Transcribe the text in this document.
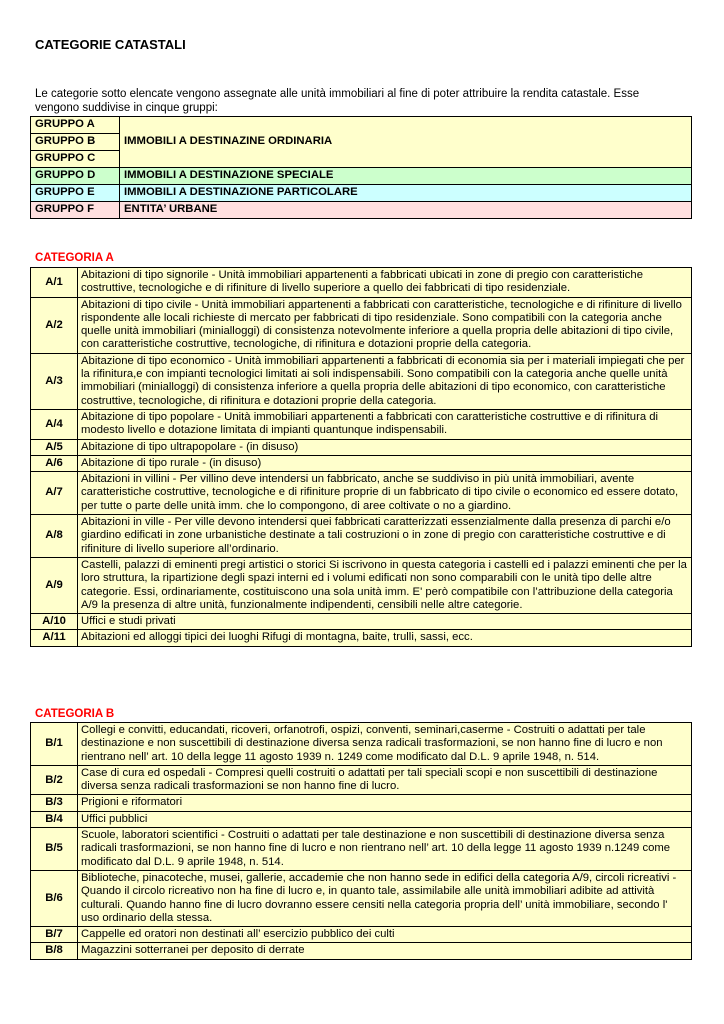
CATEGORIE CATASTALI
Le categorie sotto elencate vengono assegnate alle unità immobiliari al fine di poter attribuire la rendita catastale. Esse vengono suddivise in cinque gruppi:
GRUPPO A	IMMOBILI A DESTINAZINE ORDINARIA
GRUPPO B	
GRUPPO C	
GRUPPO D	IMMOBILI A DESTINAZIONE SPECIALE
GRUPPO E	IMMOBILI A DESTINAZIONE PARTICOLARE
GRUPPO F	ENTITA’ URBANE
CATEGORIA A
A/1	Abitazioni di tipo signorile - Unità immobiliari appartenenti a fabbricati ubicati in zone di pregio con caratteristiche costruttive, tecnologiche e di rifiniture di livello superiore a quello dei fabbricati di tipo residenziale.
A/2	Abitazioni di tipo civile - Unità immobiliari appartenenti a fabbricati con caratteristiche, tecnologiche e di rifiniture di livello rispondente alle locali richieste di mercato per fabbricati di tipo residenziale. Sono compatibili con la categoria anche quelle unità immobiliari (minialloggi) di consistenza notevolmente inferiore a quella propria delle abitazioni di tipo civile, con caratteristiche costruttive, tecnologiche, di rifinitura e dotazioni proprie della categoria.
A/3	Abitazione di tipo economico - Unità immobiliari appartenenti a fabbricati di economia sia per i materiali impiegati che per la rifinitura,e con impianti tecnologici limitati ai soli indispensabili. Sono compatibili con la categoria anche quelle unità immobiliari (minialloggi) di consistenza inferiore a quella propria delle abitazioni di tipo economico, con caratteristiche costruttive, tecnologiche, di rifinitura e dotazioni proprie della categoria.
A/4	Abitazione di tipo popolare - Unità immobiliari appartenenti a fabbricati con caratteristiche costruttive e di rifinitura di modesto livello e dotazione limitata di impianti quantunque indispensabili.
A/5	Abitazione di tipo ultrapopolare - (in disuso)
A/6	Abitazione di tipo rurale - (in disuso)
A/7	Abitazioni in villini - Per villino deve intendersi un fabbricato, anche se suddiviso in più unità immobiliari, avente caratteristiche costruttive, tecnologiche e di rifiniture proprie di un fabbricato di tipo civile o economico ed essere dotato, per tutte o parte delle unità imm. che lo compongono, di aree coltivate o no a giardino.
A/8	Abitazioni in ville - Per ville devono intendersi quei fabbricati caratterizzati essenzialmente dalla presenza di parchi e/o giardino edificati in zone urbanistiche destinate a tali costruzioni o in zone di pregio con caratteristiche costruttive e di rifiniture di livello superiore all’ordinario.
A/9	Castelli, palazzi di eminenti pregi artistici o storici Si iscrivono in questa categoria i castelli ed i palazzi eminenti che per la loro struttura, la ripartizione degli spazi interni ed i volumi edificati non sono comparabili con le unità tipo delle altre categorie. Essi, ordinariamente, costituiscono una sola unità imm. E' però compatibile con l’attribuzione della categoria A/9 la presenza di altre unità, funzionalmente indipendenti, censibili nelle altre categorie.
A/10	Uffici e studi privati
A/11	Abitazioni ed alloggi tipici dei luoghi Rifugi di montagna, baite, trulli, sassi, ecc.
CATEGORIA B
B/1	Collegi e convitti, educandati, ricoveri, orfanotrofi, ospizi, conventi, seminari,caserme - Costruiti o adattati per tale destinazione e non suscettibili di destinazione diversa senza radicali trasformazioni, se non hanno fine di lucro e non rientrano nell’ art. 10 della legge 11 agosto 1939 n. 1249 come modificato dal D.L. 9 aprile 1948, n. 514.
B/2	Case di cura ed ospedali - Compresi quelli costruiti o adattati per tali speciali scopi e non suscettibili di destinazione diversa senza radicali trasformazioni se non hanno fine di lucro.
B/3	Prigioni e riformatori
B/4	Uffici pubblici
B/5	Scuole, laboratori scientifici - Costruiti o adattati per tale destinazione e non suscettibili di destinazione diversa senza radicali trasformazioni, se non hanno fine di lucro e non rientrano nell’ art. 10 della legge 11 agosto 1939 n.1249 come modificato dal D.L. 9 aprile 1948, n. 514.
B/6	Biblioteche, pinacoteche, musei, gallerie, accademie che non hanno sede in edifici della categoria A/9, circoli ricreativi - Quando il circolo ricreativo non ha fine di lucro e, in quanto tale, assimilabile alle unità immobiliari adibite ad attività culturali. Quando hanno fine di lucro dovranno essere censiti nella categoria propria dell’ unità immobiliare, secondo l' uso ordinario della stessa.
B/7	Cappelle ed oratori non destinati all’ esercizio pubblico dei culti
B/8	Magazzini sotterranei per deposito di derrate
